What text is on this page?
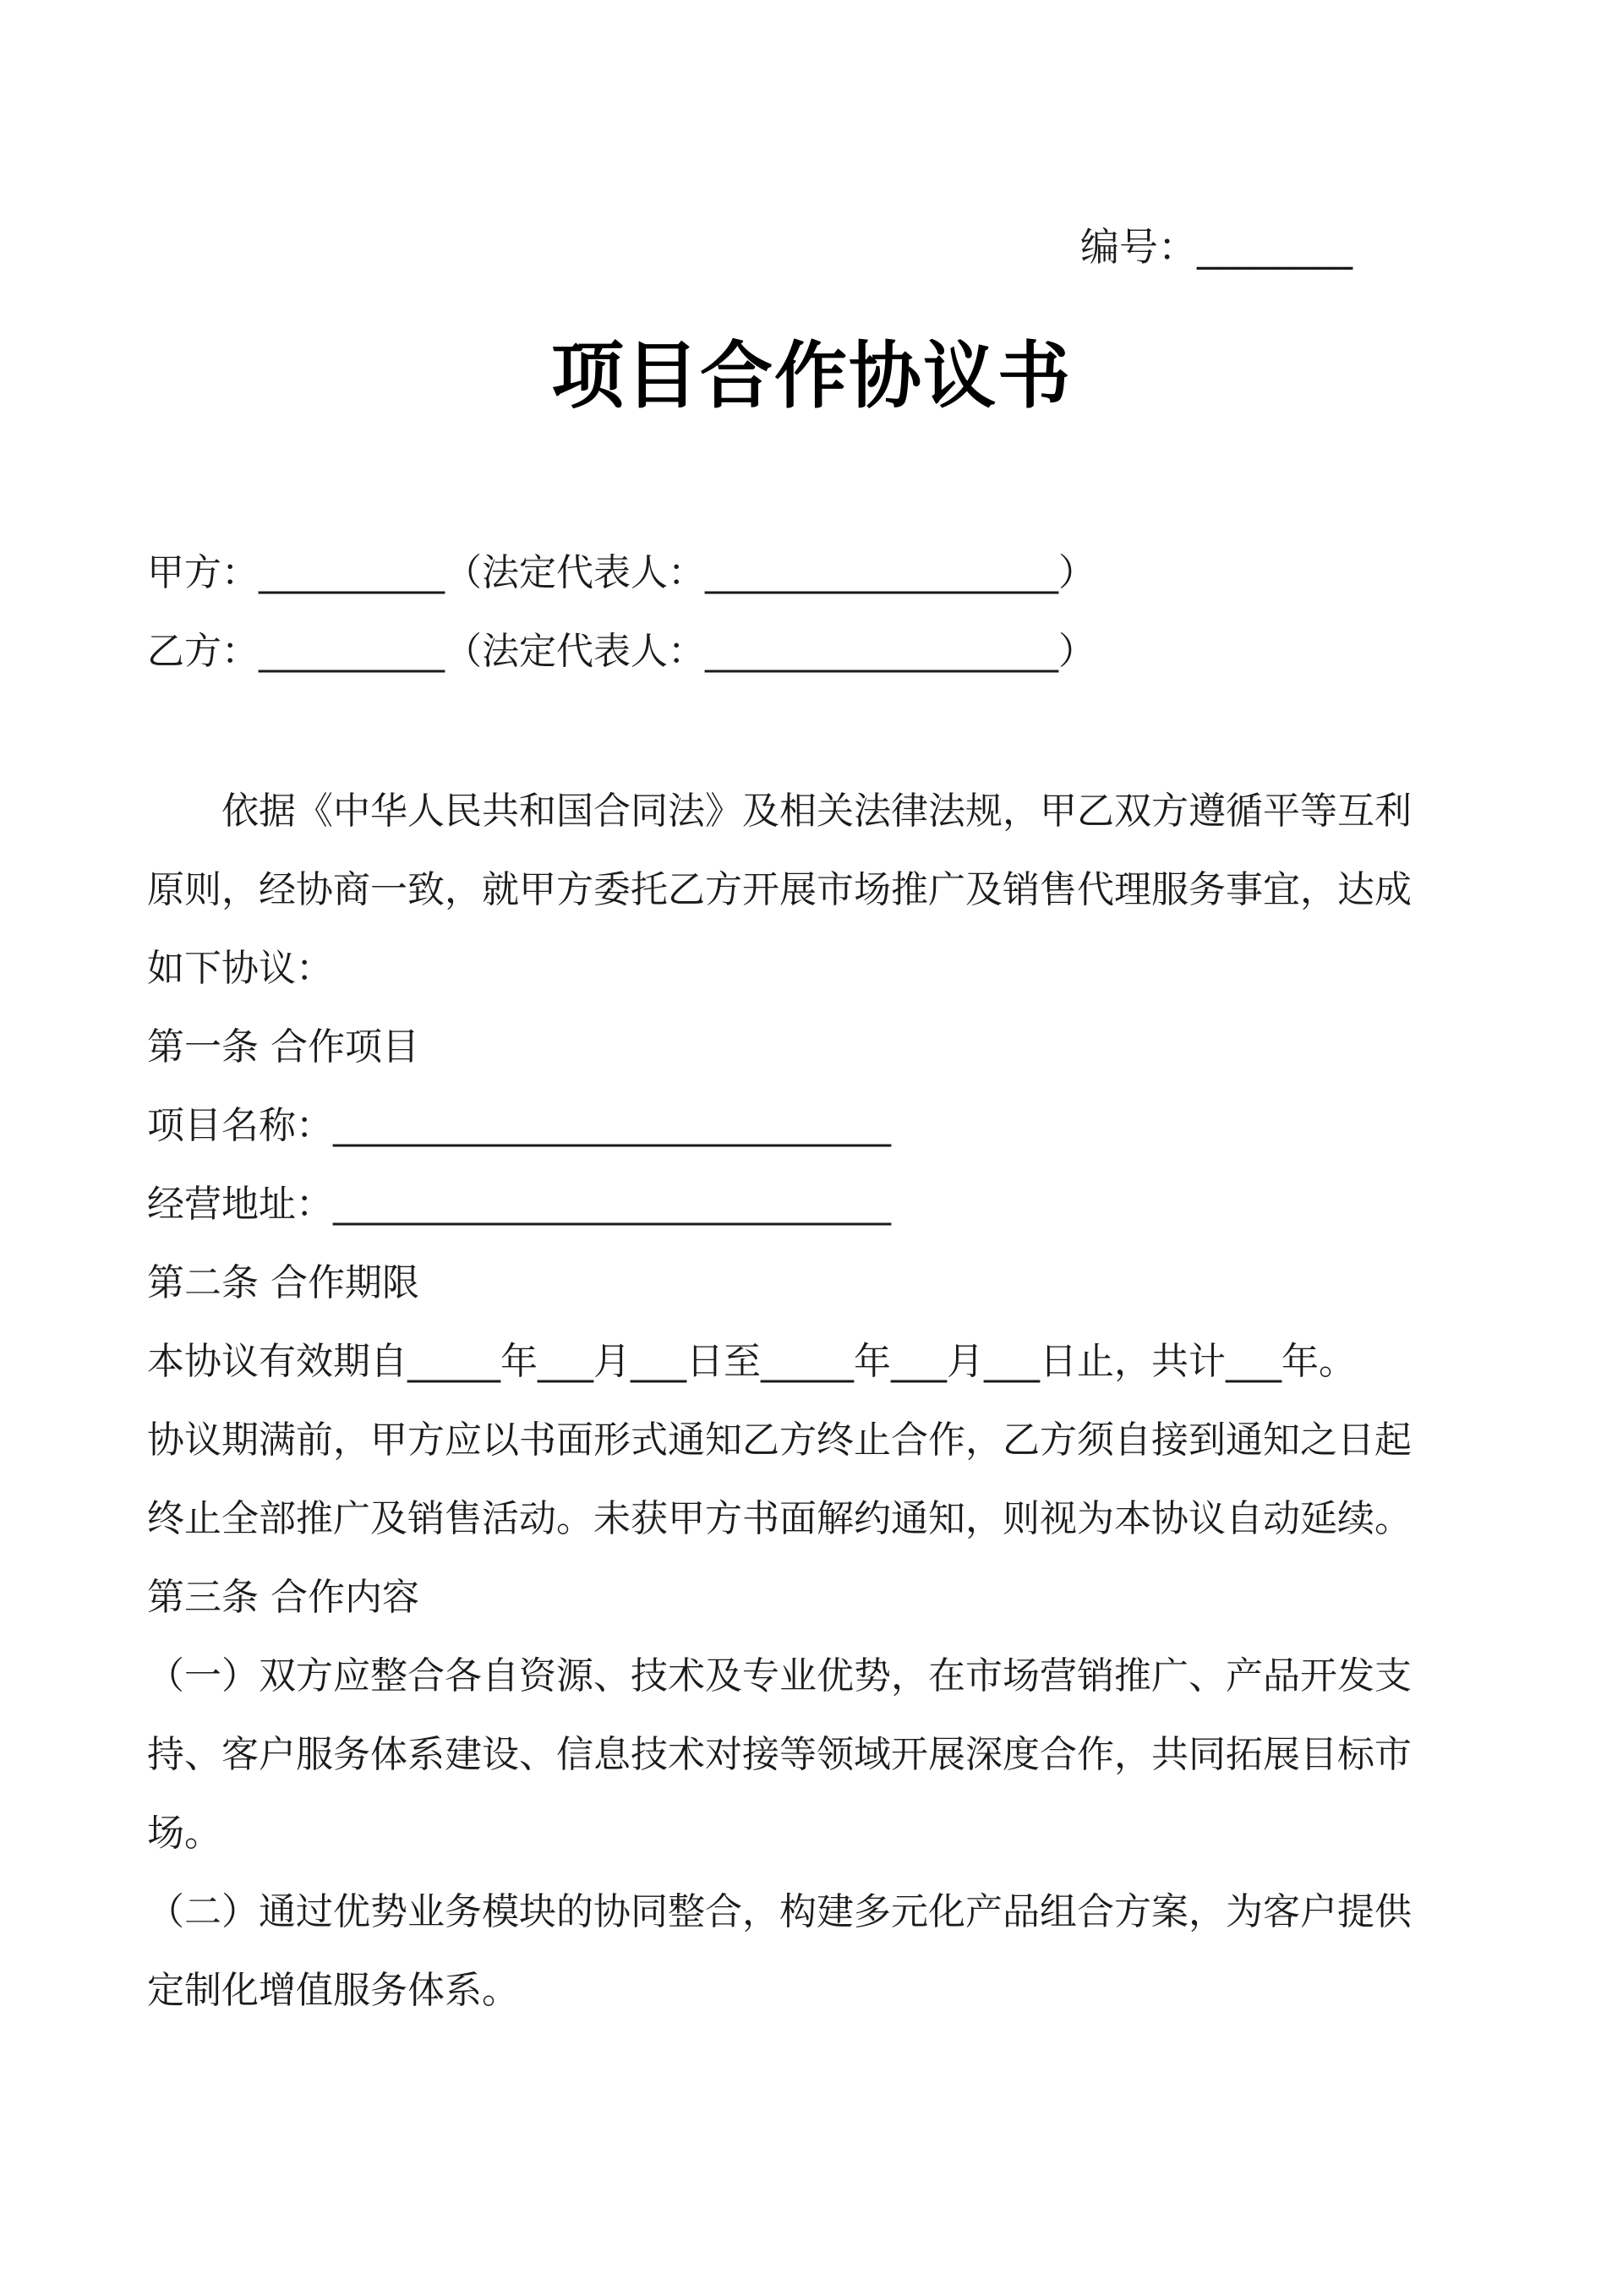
编号：________
项目合作协议书
甲方：__________（法定代表人：___________________）
乙方：__________（法定代表人：___________________）
　　依据《中华人民共和国合同法》及相关法律法规，甲乙双方遵循平等互利
原则，经协商一致，就甲方委托乙方开展市场推广及销售代理服务事宜，达成
如下协议：
第一条 合作项目
项目名称：______________________________
经营地址：______________________________
第二条 合作期限
本协议有效期自_____年___月___日至_____年___月___日止，共计___年。
协议期满前，甲方应以书面形式通知乙方终止合作，乙方须自接到通知之日起
终止全部推广及销售活动。未获甲方书面解约通知，则视为本协议自动延续。
第三条 合作内容
（一）双方应整合各自资源、技术及专业优势，在市场营销推广、产品开发支
持、客户服务体系建设、信息技术对接等领域开展深度合作，共同拓展目标市
场。
（二）通过优势业务模块的协同整合，构建多元化产品组合方案，为客户提供
定制化增值服务体系。
